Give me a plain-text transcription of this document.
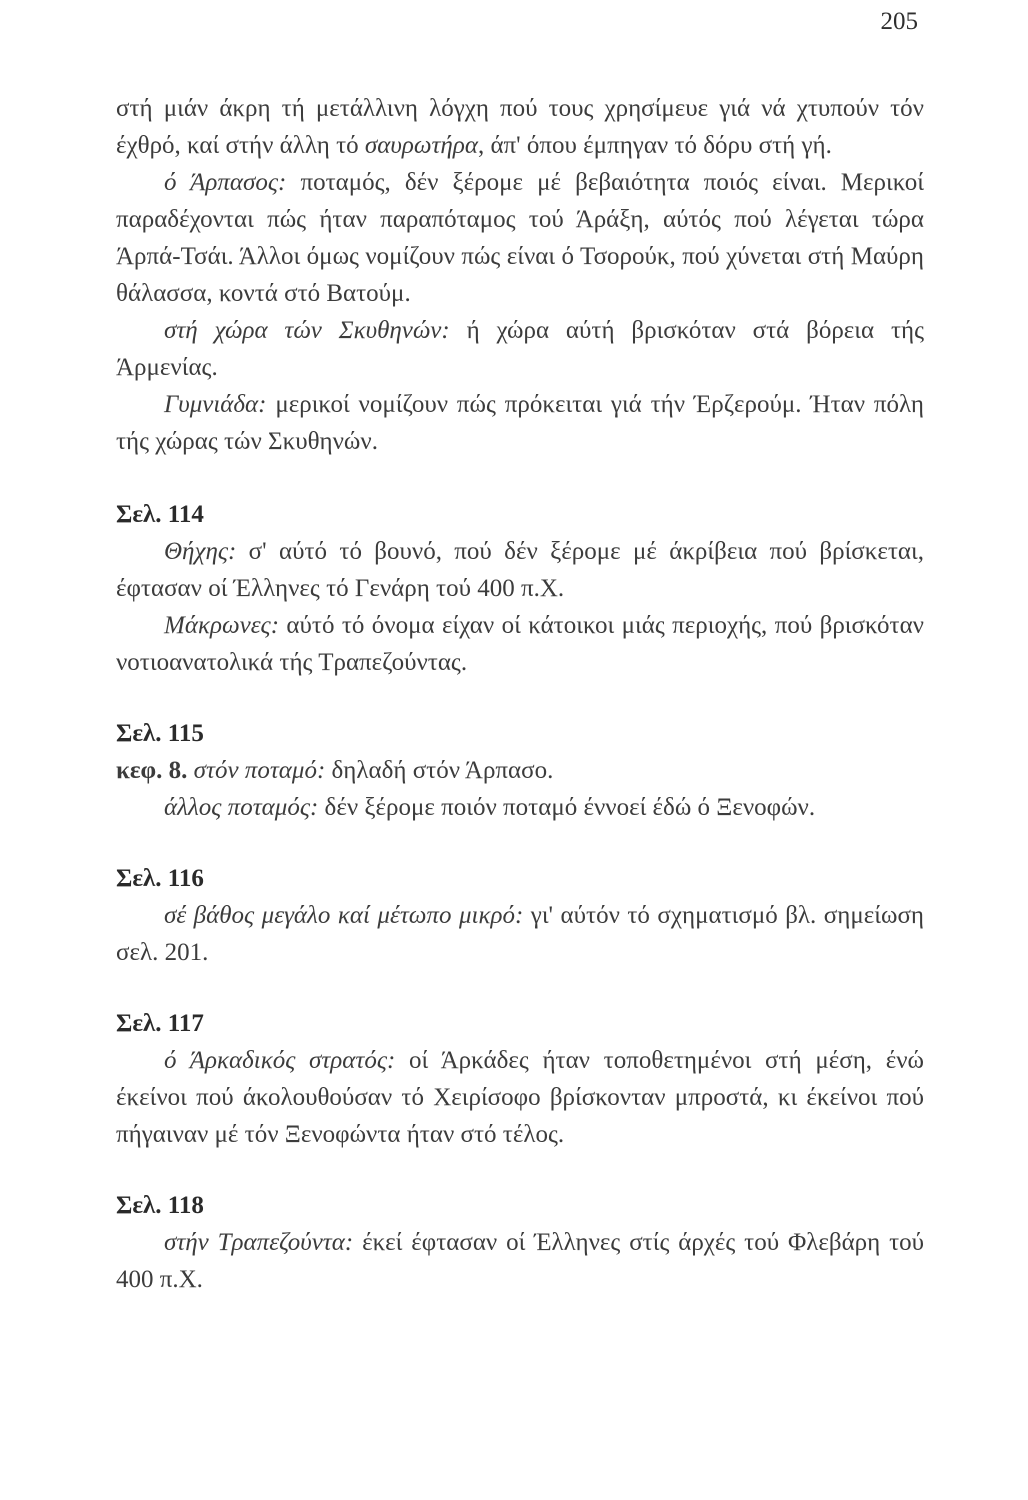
205

στή μιάν άκρη τή μετάλλινη λόγχη πού τους χρησίμευε γιά νά χτυπούν τόν έχθρό, καί στήν άλλη τό σαυρωτήρα, άπ' όπου έμπηγαν τό δόρυ στή γή.

ό Άρπασος: ποταμός, δέν ξέρομε μέ βεβαιότητα ποιός είναι. Μερικοί παραδέχονται πώς ήταν παραπόταμος τού Άράξη, αύτός πού λέγεται τώρα Άρπά-Τσάι. Άλλοι όμως νομίζουν πώς είναι ό Τσορούκ, πού χύνεται στή Μαύρη θάλασσα, κοντά στό Βατούμ.

στή χώρα τών Σκυθηνών: ή χώρα αύτή βρισκόταν στά βόρεια τής Άρμενίας.

Γυμνιάδα: μερικοί νομίζουν πώς πρόκειται γιά τήν Έρζερούμ. Ήταν πόλη τής χώρας τών Σκυθηνών.

Σελ. 114

Θήχης: σ' αύτό τό βουνό, πού δέν ξέρομε μέ άκρίβεια πού βρίσκεται, έφτασαν οί Έλληνες τό Γενάρη τού 400 π.Χ.

Μάκρωνες: αύτό τό όνομα είχαν οί κάτοικοι μιάς περιοχής, πού βρισκόταν νοτιοανατολικά τής Τραπεζούντας.

Σελ. 115

κεφ. 8. στόν ποταμό: δηλαδή στόν Άρπασο.

άλλος ποταμός: δέν ξέρομε ποιόν ποταμό έννοεί έδώ ό Ξενοφών.

Σελ. 116

σέ βάθος μεγάλο καί μέτωπο μικρό: γι' αύτόν τό σχηματισμό βλ. σημείωση σελ. 201.

Σελ. 117

ό Άρκαδικός στρατός: οί Άρκάδες ήταν τοποθετημένοι στή μέση, ένώ έκείνοι πού άκολουθούσαν τό Χειρίσοφο βρίσκονταν μπροστά, κι έκείνοι πού πήγαιναν μέ τόν Ξενοφώντα ήταν στό τέλος.

Σελ. 118

στήν Τραπεζούντα: έκεί έφτασαν οί Έλληνες στίς άρχές τού Φλεβάρη τού 400 π.Χ.
